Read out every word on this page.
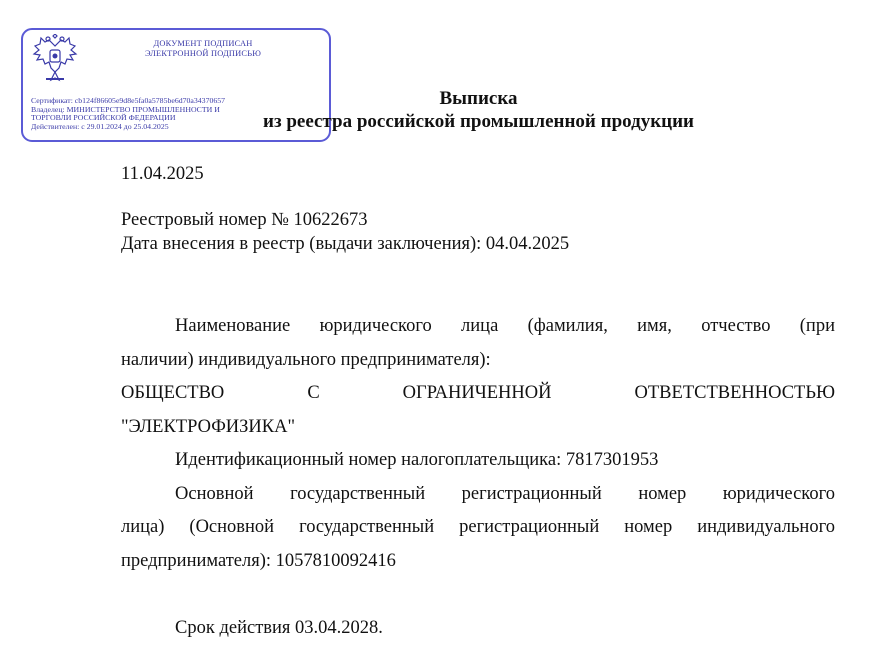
ДОКУМЕНТ ПОДПИСАН
ЭЛЕКТРОННОЙ ПОДПИСЬЮ
Сертификат: cb124f86605e9d8e5fa0a5785be6d70a34370657
Владелец: МИНИСТЕРСТВО ПРОМЫШЛЕННОСТИ И
ТОРГОВЛИ РОССИЙСКОЙ ФЕДЕРАЦИИ
Действителен: с 29.01.2024 до 25.04.2025
Выписка
из реестра российской промышленной продукции
11.04.2025
Реестровый номер № 10622673
Дата внесения в реестр (выдачи заключения): 04.04.2025
Наименование юридического лица (фамилия, имя, отчество (при
наличии) индивидуального предпринимателя):
ОБЩЕСТВО	С	ОГРАНИЧЕННОЙ	ОТВЕТСТВЕННОСТЬЮ
"ЭЛЕКТРОФИЗИКА"
Идентификационный номер налогоплательщика: 7817301953
Основной государственный регистрационный номер юридического
лица) (Основной государственный регистрационный номер индивидуального
предпринимателя): 1057810092416
Срок действия 03.04.2028.
